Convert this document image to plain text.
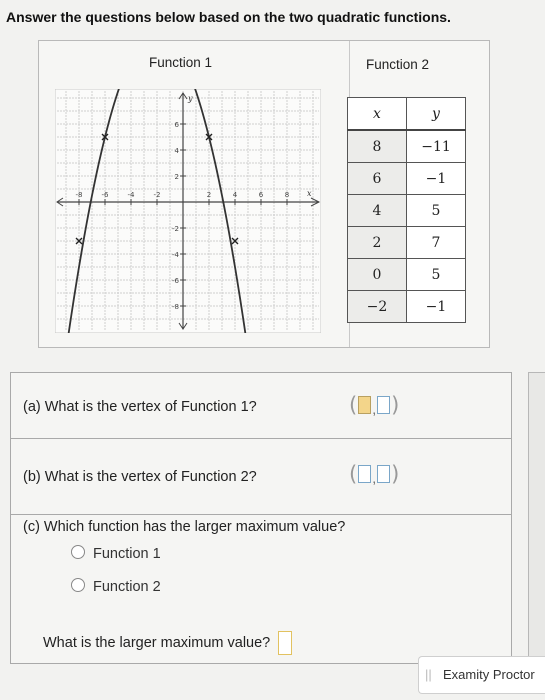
Answer the questions below based on the two quadratic functions.
Function 1	Function 2
x
y
-8	-6	-4	-2	2	4	6	8
6
4
2
-2
-4
-6
-8
x	y
8	−11
6	−1
4	5
2	7
0	5
−2	−1
(a) What is the vertex of Function 1?	( , )
(b) What is the vertex of Function 2?	( , )
(c) Which function has the larger maximum value?
Function 1
Function 2
What is the larger maximum value?
|| Examity Proctor
